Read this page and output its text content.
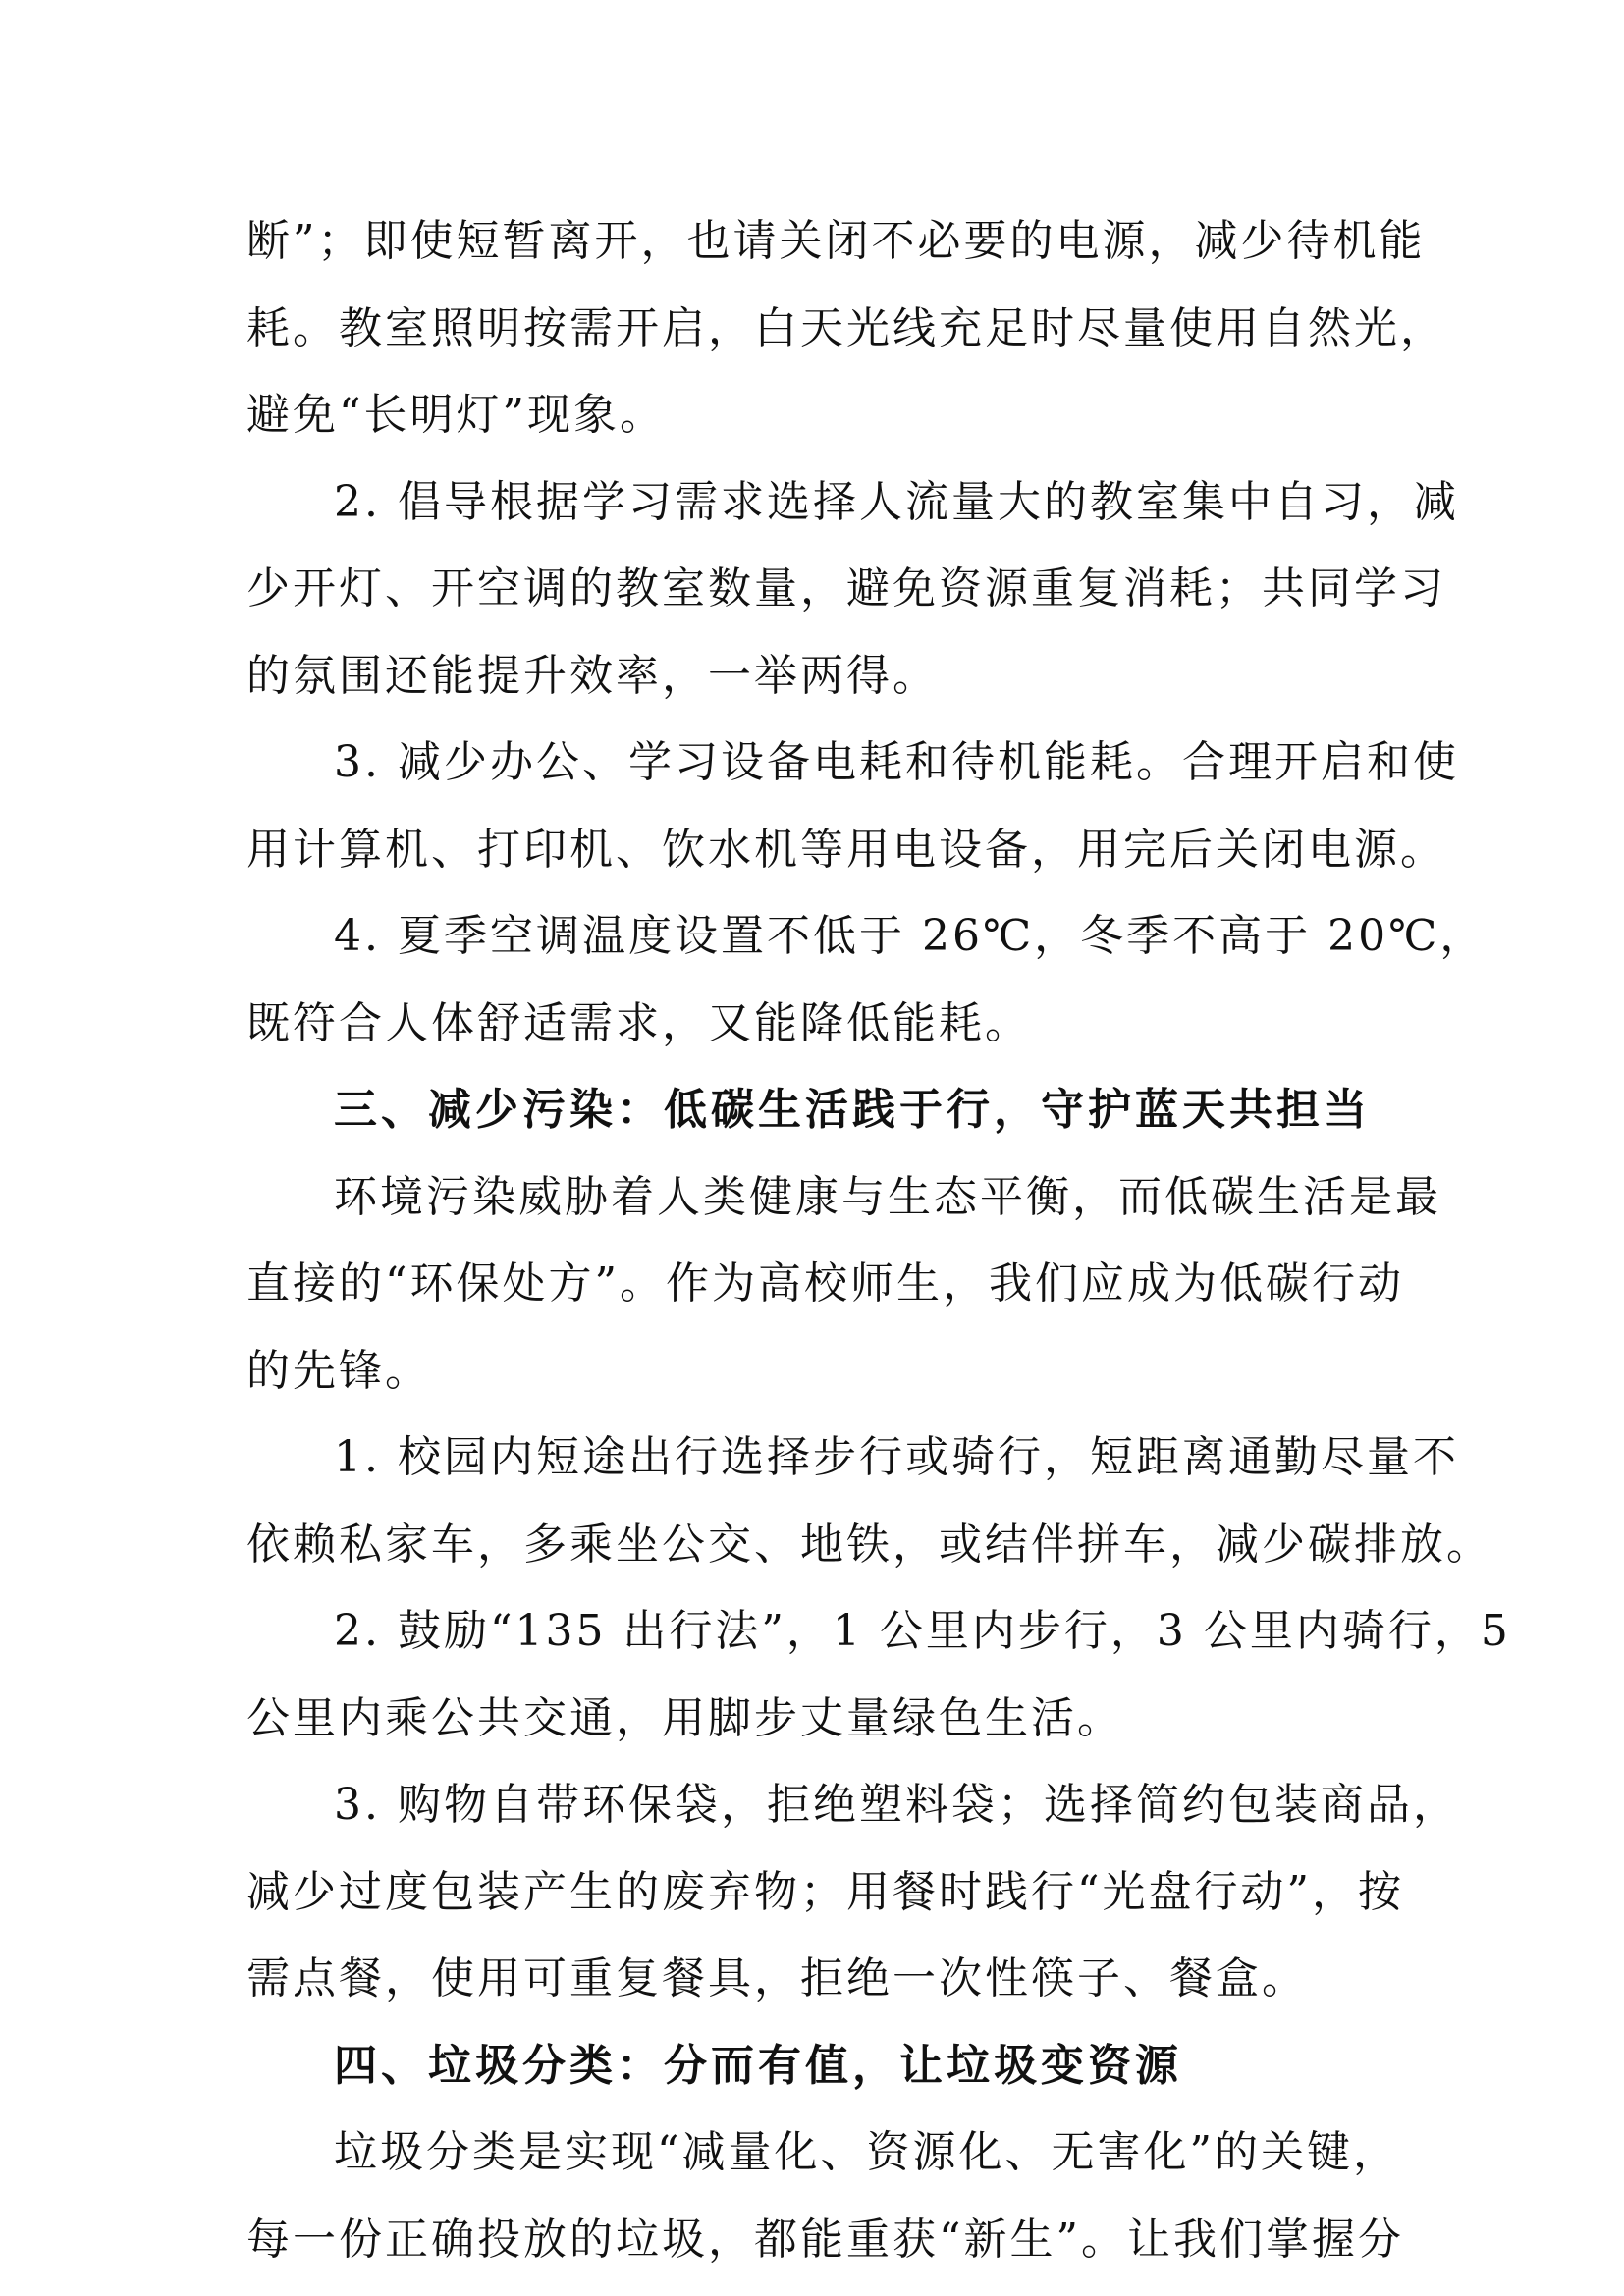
断”；即使短暂离开，也请关闭不必要的电源，减少待机能
耗。教室照明按需开启，白天光线充足时尽量使用自然光，
避免“长明灯”现象。
2. 倡导根据学习需求选择人流量大的教室集中自习，减
少开灯、开空调的教室数量，避免资源重复消耗；共同学习
的氛围还能提升效率，一举两得。
3. 减少办公、学习设备电耗和待机能耗。合理开启和使
用计算机、打印机、饮水机等用电设备，用完后关闭电源。
4. 夏季空调温度设置不低于 26℃，冬季不高于 20℃，
既符合人体舒适需求，又能降低能耗。
三、减少污染：低碳生活践于行，守护蓝天共担当
环境污染威胁着人类健康与生态平衡，而低碳生活是最
直接的“环保处方”。作为高校师生，我们应成为低碳行动
的先锋。
1. 校园内短途出行选择步行或骑行，短距离通勤尽量不
依赖私家车，多乘坐公交、地铁，或结伴拼车，减少碳排放。
2. 鼓励“135 出行法”，1 公里内步行，3 公里内骑行，5
公里内乘公共交通，用脚步丈量绿色生活。
3. 购物自带环保袋，拒绝塑料袋；选择简约包装商品，
减少过度包装产生的废弃物；用餐时践行“光盘行动”，按
需点餐，使用可重复餐具，拒绝一次性筷子、餐盒。
四、垃圾分类：分而有值，让垃圾变资源
垃圾分类是实现“减量化、资源化、无害化”的关键，
每一份正确投放的垃圾，都能重获“新生”。让我们掌握分
